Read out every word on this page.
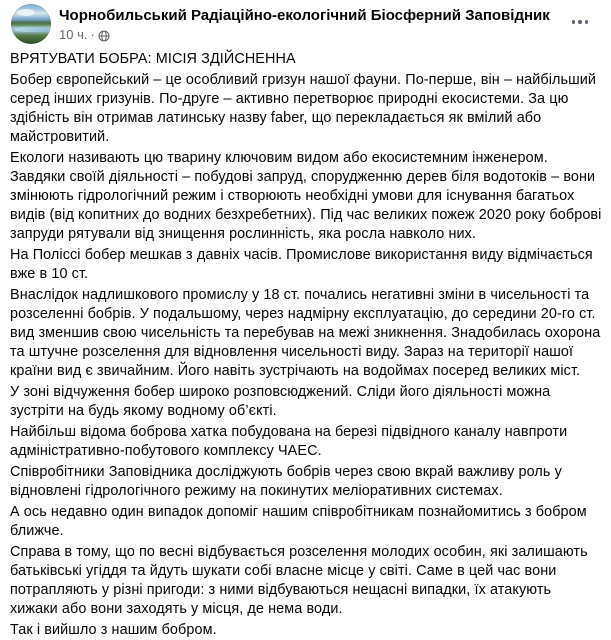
Чорнобильський Радіаційно-екологічний Біосферний Заповідник
10 ч. ·

ВРЯТУВАТИ БОБРА: МІСІЯ ЗДІЙСНЕННА

Бобер європейський – це особливий гризун нашої фауни. По-перше, він – найбільший серед інших гризунів. По-друге – активно перетворює природні екосистеми. За цю здібність він отримав латинську назву faber, що перекладається як вмілий або майстровитий.

Екологи називають цю тварину ключовим видом або екосистемним інженером. Завдяки своїй діяльності – побудові запруд, спорудженню дерев біля водотоків – вони змінюють гідрологічний режим і створюють необхідні умови для існування багатьох видів (від копитних до водних безхребетних). Під час великих пожеж 2020 року боброві запруди рятували від знищення рослинність, яка росла навколо них.

На Поліссі бобер мешкав з давніх часів. Промислове використання виду відмічається вже в 10 ст.

Внаслідок надлишкового промислу у 18 ст. почались негативні зміни в чисельності та розселенні бобрів. У подальшому, через надмірну експлуатацію, до середини 20-го ст. вид зменшив свою чисельність та перебував на межі зникнення. Знадобилась охорона та штучне розселення для відновлення чисельності виду. Зараз на території нашої країни вид є звичайним. Його навіть зустрічають на водоймах посеред великих міст.

У зоні відчуження бобер широко розповсюджений. Сліди його діяльності можна зустріти на будь якому водному об’єкті.

Найбільш відома боброва хатка побудована на березі підвідного каналу навпроти адміністративно-побутового комплексу ЧАЕС.

Співробітники Заповідника досліджують бобрів через свою вкрай важливу роль у відновлені гідрологічного режиму на покинутих меліоративних системах.

А ось недавно один випадок допоміг нашим співробітникам познайомитись з бобром ближче.

Справа в тому, що по весні відбувається розселення молодих особин, які залишають батьківські угіддя та йдуть шукати собі власне місце у світі. Саме в цей час вони потрапляють у різні пригоди: з ними відбуваються нещасні випадки, їх атакують хижаки або вони заходять у місця, де нема води.

Так і вийшло з нашим бобром.
